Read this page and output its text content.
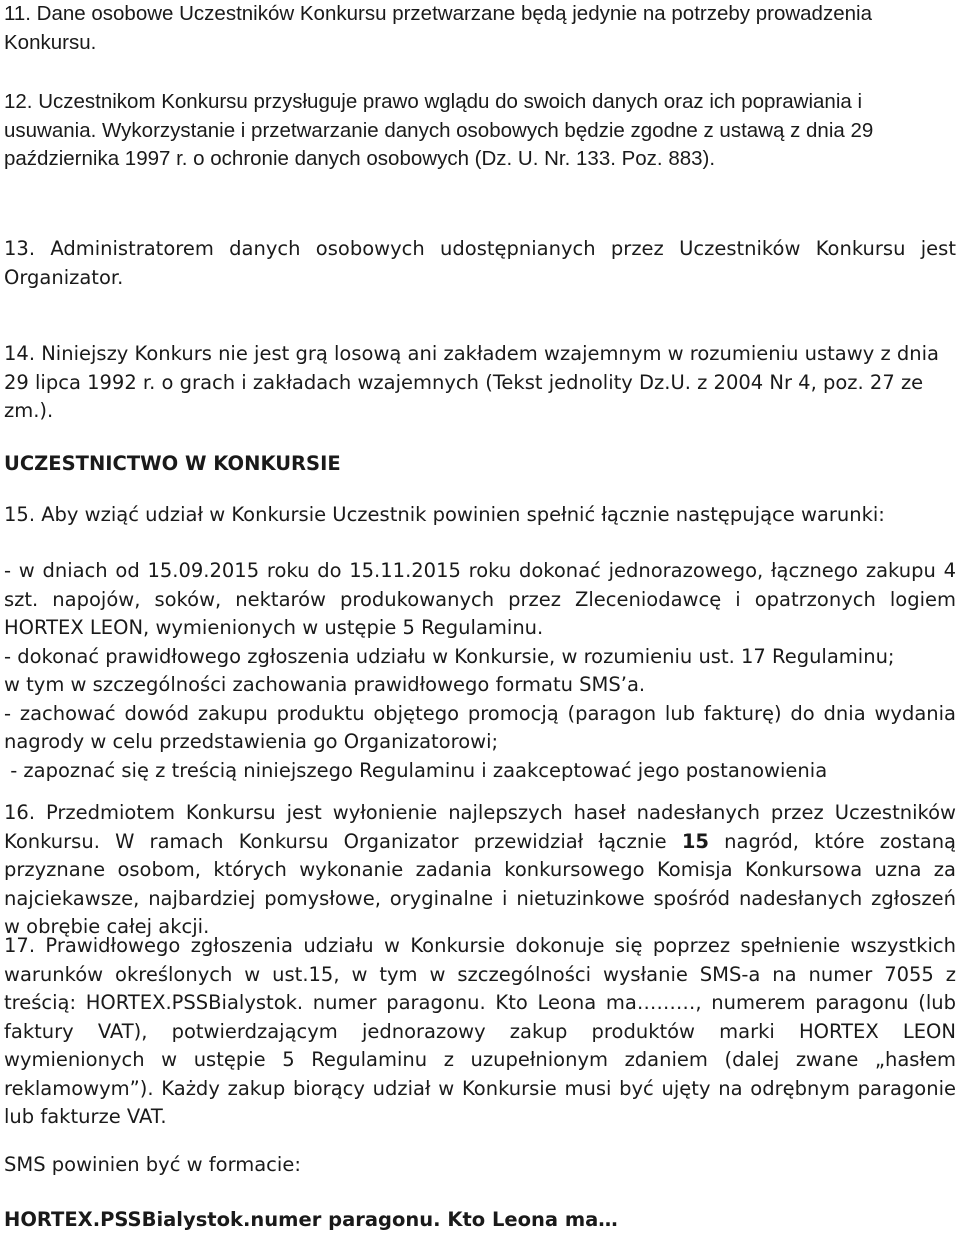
11. Dane osobowe Uczestników Konkursu przetwarzane będą jedynie na potrzeby prowadzenia
Konkursu.

12. Uczestnikom Konkursu przysługuje prawo wglądu do swoich danych oraz ich poprawiania i
usuwania. Wykorzystanie i przetwarzanie danych osobowych będzie zgodne z ustawą z dnia 29
października 1997 r. o ochronie danych osobowych (Dz. U. Nr. 133. Poz. 883).

13. Administratorem danych osobowych udostępnianych przez Uczestników Konkursu jest
Organizator.

14. Niniejszy Konkurs nie jest grą losową ani zakładem wzajemnym w rozumieniu ustawy z dnia
29 lipca 1992 r. o grach i zakładach wzajemnych (Tekst jednolity Dz.U. z 2004 Nr 4, poz. 27 ze
zm.).

UCZESTNICTWO W KONKURSIE

15. Aby wziąć udział w Konkursie Uczestnik powinien spełnić łącznie następujące warunki:

- w dniach od 15.09.2015 roku do 15.11.2015 roku dokonać jednorazowego, łącznego zakupu 4
szt. napojów, soków, nektarów produkowanych przez Zleceniodawcę i opatrzonych logiem
HORTEX LEON, wymienionych w ustępie 5 Regulaminu.
- dokonać prawidłowego zgłoszenia udziału w Konkursie, w rozumieniu ust. 17 Regulaminu;
w tym w szczególności zachowania prawidłowego formatu SMS’a.
- zachować dowód zakupu produktu objętego promocją (paragon lub fakturę) do dnia wydania
nagrody w celu przedstawienia go Organizatorowi;
- zapoznać się z treścią niniejszego Regulaminu i zaakceptować jego postanowienia

16. Przedmiotem Konkursu jest wyłonienie najlepszych haseł nadesłanych przez Uczestników
Konkursu. W ramach Konkursu Organizator przewidział łącznie 15 nagród, które zostaną
przyznane osobom, których wykonanie zadania konkursowego Komisja Konkursowa uzna za
najciekawsze, najbardziej pomysłowe, oryginalne i nietuzinkowe spośród nadesłanych zgłoszeń
w obrębie całej akcji.

17. Prawidłowego zgłoszenia udziału w Konkursie dokonuje się poprzez spełnienie wszystkich
warunków określonych w ust.15, w tym w szczególności wysłanie SMS-a na numer 7055 z
treścią: HORTEX.PSSBialystok. numer paragonu. Kto Leona ma………, numerem paragonu (lub
faktury VAT), potwierdzającym jednorazowy zakup produktów marki HORTEX LEON
wymienionych w ustępie 5 Regulaminu z uzupełnionym zdaniem (dalej zwane „hasłem
reklamowym”). Każdy zakup biorący udział w Konkursie musi być ujęty na odrębnym paragonie
lub fakturze VAT.

SMS powinien być w formacie:

HORTEX.PSSBialystok.numer paragonu. Kto Leona ma…
